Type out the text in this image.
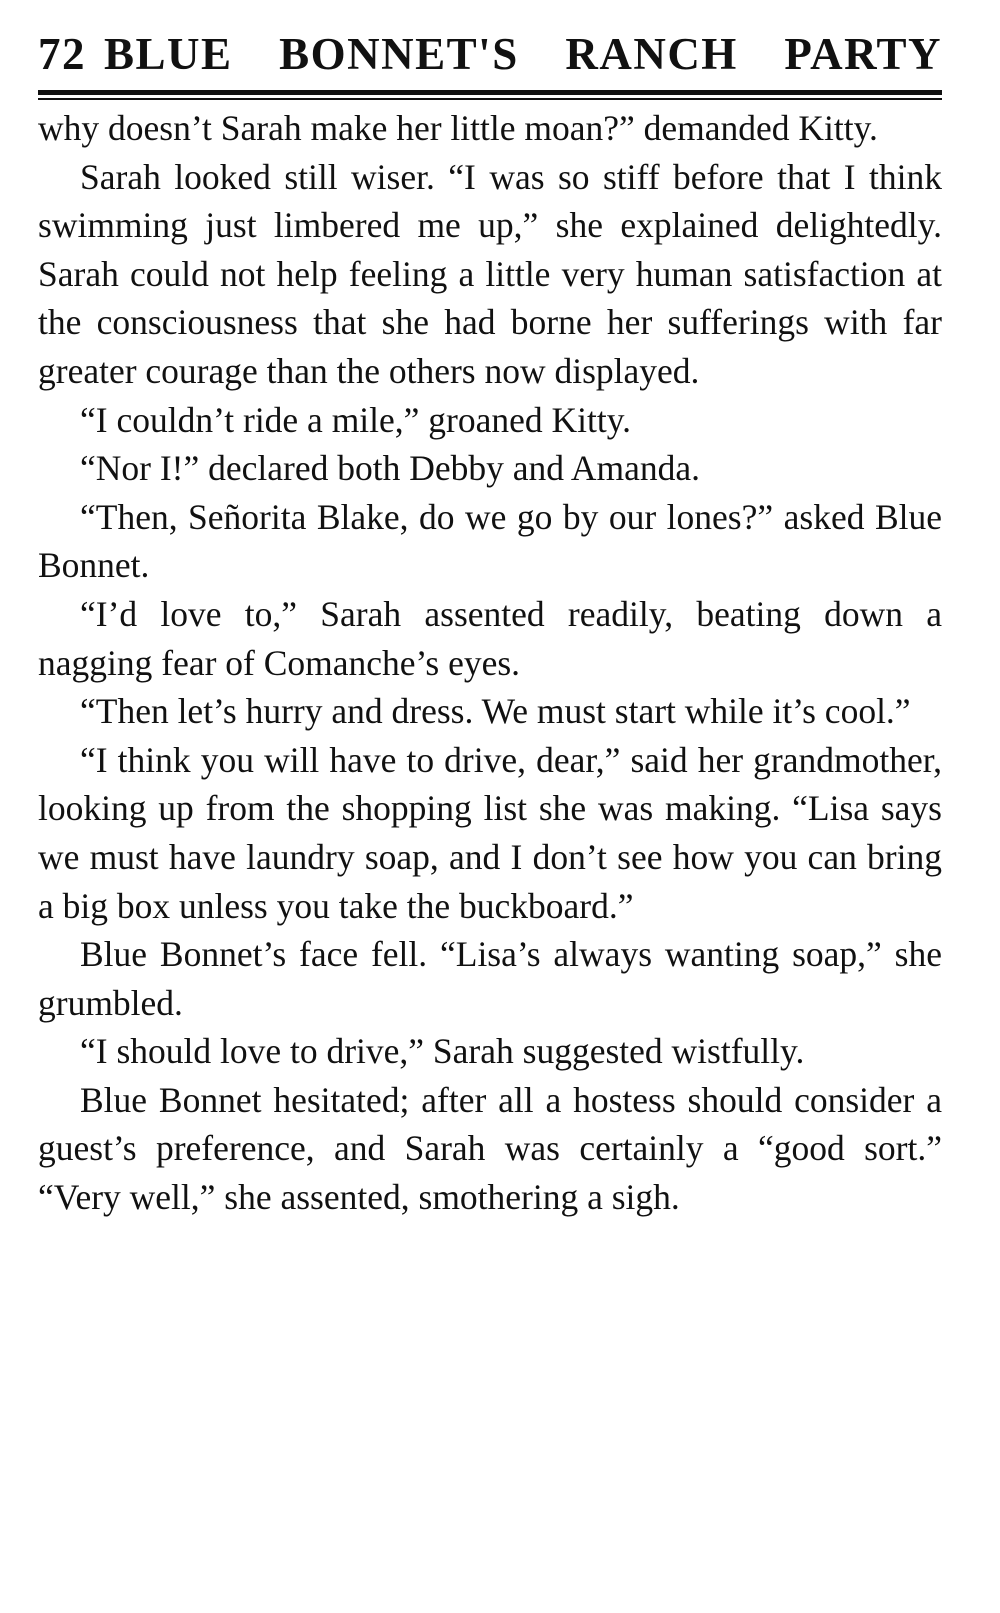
72 BLUE BONNET'S RANCH PARTY

why doesn’t Sarah make her little moan?” demanded Kitty.

Sarah looked still wiser. “I was so stiff before that I think swimming just limbered me up,” she explained delightedly. Sarah could not help feeling a little very human satisfaction at the consciousness that she had borne her sufferings with far greater courage than the others now displayed.

“I couldn’t ride a mile,” groaned Kitty.

“Nor I!” declared both Debby and Amanda.

“Then, Señorita Blake, do we go by our lones?” asked Blue Bonnet.

“I’d love to,” Sarah assented readily, beating down a nagging fear of Comanche’s eyes.

“Then let’s hurry and dress. We must start while it’s cool.”

“I think you will have to drive, dear,” said her grandmother, looking up from the shopping list she was making. “Lisa says we must have laundry soap, and I don’t see how you can bring a big box unless you take the buckboard.”

Blue Bonnet’s face fell. “Lisa’s always wanting soap,” she grumbled.

“I should love to drive,” Sarah suggested wistfully.

Blue Bonnet hesitated; after all a hostess should consider a guest’s preference, and Sarah was certainly a “good sort.” “Very well,” she assented, smothering a sigh.
